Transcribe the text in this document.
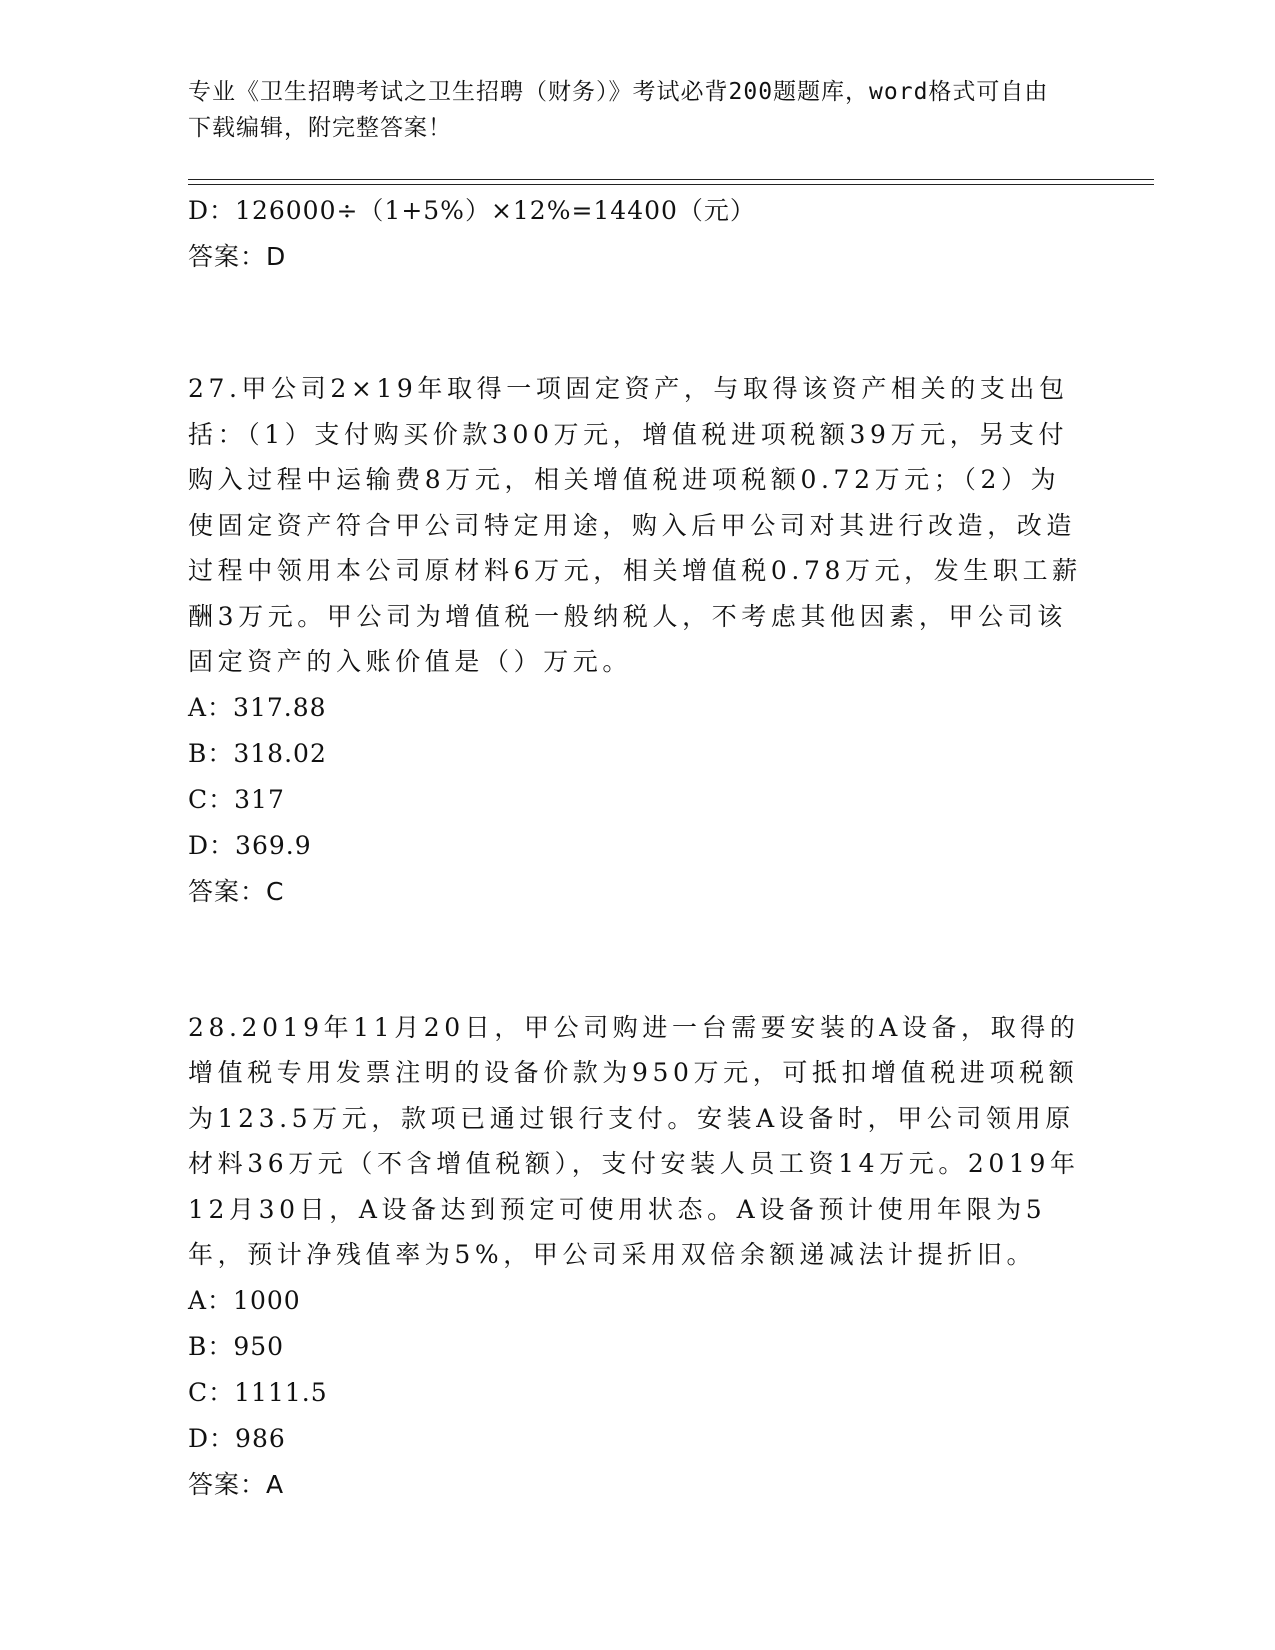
专业《卫生招聘考试之卫生招聘（财务）》考试必背200题题库，word格式可自由下载编辑，附完整答案！
D：126000÷（1+5%）×12%=14400（元）
答案：D
27.甲公司2×19年取得一项固定资产，与取得该资产相关的支出包括：（1）支付购买价款300万元，增值税进项税额39万元，另支付购入过程中运输费8万元，相关增值税进项税额0.72万元；（2）为使固定资产符合甲公司特定用途，购入后甲公司对其进行改造，改造过程中领用本公司原材料6万元，相关增值税0.78万元，发生职工薪酬3万元。甲公司为增值税一般纳税人，不考虑其他因素，甲公司该固定资产的入账价值是（）万元。
A：317.88
B：318.02
C：317
D：369.9
答案：C
28.2019年11月20日，甲公司购进一台需要安装的A设备，取得的增值税专用发票注明的设备价款为950万元，可抵扣增值税进项税额为123.5万元，款项已通过银行支付。安装A设备时，甲公司领用原材料36万元（不含增值税额），支付安装人员工资14万元。2019年12月30日，A设备达到预定可使用状态。A设备预计使用年限为5年，预计净残值率为5%，甲公司采用双倍余额递减法计提折旧。
A：1000
B：950
C：1111.5
D：986
答案：A
